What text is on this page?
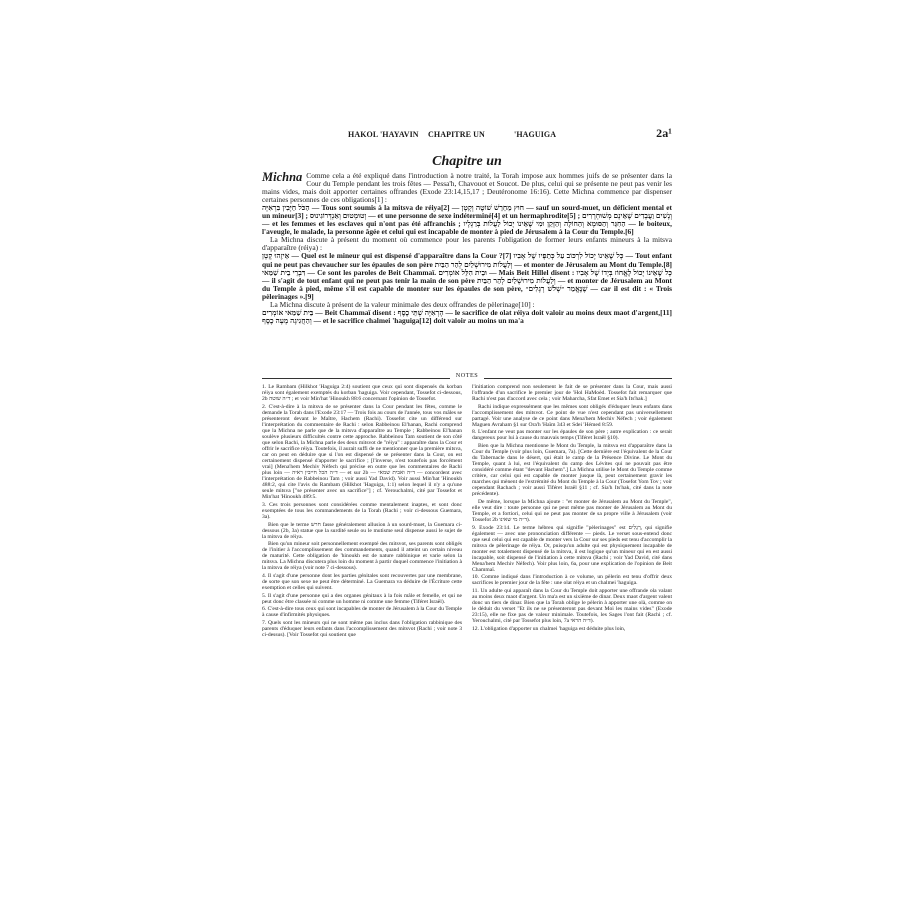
HAKOL 'HAYAVIN CHAPITRE UN	'HAGUIGA	2a¹
Chapitre un
Michna Comme cela a été expliqué dans l'introduction à notre traité, la Torah impose aux hommes juifs de se présenter dans la Cour du Temple pendant les trois fêtes — Pessa'h, Chavouot et Soucot. De plus, celui qui se présente ne peut pas venir les mains vides, mais doit apporter certaines offrandes (Exode 23:14,15,17 ; Deutéronome 16:16). Cette Michna commence par dispenser certaines personnes de ces obligations[1] :

הַכֹּל חַיָּבִין בִּרְאִיָּה — Tous sont soumis à la mitsva de réiya[2] — חוּץ מֵחֵרֵשׁ שׁוֹטֶה וְקָטָן — sauf un sourd-muet, un déficient mental et un mineur[3] ; וְטוּמְטוּם וְאַנְדְּרוֹגִינוּס — et une personne de sexe indéterminé[4] et un hermaphrodite[5] ; וְנָשִׁים וַעֲבָדִים שֶׁאֵינָם מְשׁוּחְרָרִים — et les femmes et les esclaves qui n'ont pas été affranchis ; הַחִגֵּר וְהַסּוּמָא וְהַחוֹלֶה וְהַזָּקֵן וּמִי שֶׁאֵינוֹ יָכוֹל לַעֲלוֹת בְּרַגְלָיו — le boiteux, l'aveugle, le malade, la personne âgée et celui qui est incapable de monter à pied de Jérusalem à la Cour du Temple.[6]

La Michna discute à présent du moment où commence pour les parents l'obligation de former leurs enfants mineurs à la mitsva d'apparaître (réiya) :

אֵיזֶהוּ קָטָן — Quel est le mineur qui est dispensé d'apparaître dans la Cour ?[7] כָּל שֶׁאֵינוֹ יָכוֹל לִרְכּוֹב עַל כְּתֵפָיו שֶׁל אָבִיו — Tout enfant qui ne peut pas chevaucher sur les épaules de son père וְלַעֲלוֹת מִירוּשָׁלַיִם לְהַר הַבַּיִת — et monter de Jérusalem au Mont du Temple.[8] דִּבְרֵי בֵית שַׁמַּאי — Ce sont les paroles de Beit Chammaï. וּבֵית הִלֵּל אוֹמְרִים — Mais Beit Hillel disent : כָּל שֶׁאֵינוֹ יָכוֹל לֶאֱחוֹז בְּיָדוֹ שֶׁל אָבִיו — il s'agit de tout enfant qui ne peut pas tenir la main de son père וְלַעֲלוֹת מִירוּשָׁלַיִם לְהַר הַבַּיִת — et monter de Jérusalem au Mont du Temple à pied, même s'il est capable de monter sur les épaules de son père, שֶׁנֶּאֱמַר ״שָׁלֹשׁ רְגָלִים״ — car il est dit : « Trois pèlerinages ».[9]

La Michna discute à présent de la valeur minimale des deux offrandes de pèlerinage[10] :

בֵּית שַׁמַּאי אוֹמְרִים — Beit Chammaï disent : הָרְאִיָּה שְׁתֵּי כֶסֶף — le sacrifice de olat réiya doit valoir au moins deux maot d'argent,[11] וְהַחֲגִיגָה מָעָה כֶסֶף — et le sacrifice chalmei 'haguiga[12] doit valoir au moins un ma'a

NOTES

1. Le Rambam (Hilkhot 'Haguiga 2:4) soutient que ceux qui sont dispensés du korban réiya sont également exemptés du korban 'haguiga. Voir cependant, Tossefot ci-dessous, 2b ד״ה שוטה ; et voir Min'hat 'Hinoukh 88:6 concernant l'opinion de Tossefot.

2. C'est-à-dire à la mitsva de se présenter dans la Cour pendant les fêtes, comme le demande la Torah dans l'Exode 23:17 — Trois fois au cours de l'année, tous vos mâles se présenteront devant le Maître, Hachem (Rachi). Tossefot cite un différend sur l'interprétation du commentaire de Rachi : selon Rabbeinou El'hanan, Rachi comprend que la Michna ne parle que de la mitsva d'apparaître au Temple ; Rabbeinou El'hanan soulève plusieurs difficultés contre cette approche. Rabbeinou Tam soutient de son côté que selon Rachi, la Michna parle des deux mitsvot de "réiya" : apparaître dans la Cour et offrir le sacrifice réiya. Toutefois, il aurait suffi de ne mentionner que la première mitsva, car on peut en déduire que si l'on est dispensé de se présenter dans la Cour, on est certainement dispensé d'apporter le sacrifice ; [l'inverse, n'est toutefois pas forcément vrai] (Mena'hem Mechiv Néfech qui précise en outre que les commentaires de Rachi plus loin — ד״ה הכל חייבין ראיה — et sur 2b — ד״ה ואבית שמאי — concordent avec l'interprétation de Rabbeinou Tam ; voir aussi Yad David). Voir aussi Min'hat 'Hinoukh 488:2, qui cite l'avis du Rambam (Hilkhot 'Haguiga, 1:1) selon lequel il n'y a qu'une seule mitsva ["se présenter avec un sacrifice"] ; cf. Yerouchalmi, cité par Tossefot et Min'hat 'Hinoukh 489:5.

3. Ces trois personnes sont considérées comme mentalement inaptes, et sont donc exemptées de tous les commandements de la Torah (Rachi ; voir ci-dessous Guemara, 3a).

Bien que le terme חרש fasse généralement allusion à un sourd-muet, la Guemara ci-dessous (2b, 3a) statue que la surdité seule ou le mutisme seul dispense aussi le sujet de la mitsva de réiya.

Bien qu'un mineur soit personnellement exempté des mitsvot, ses parents sont obligés de l'initier à l'accomplissement des commandements, quand il atteint un certain niveau de maturité. Cette obligation de 'hinoukh est de nature rabbinique et varie selon la mitsva. La Michna discutera plus loin du moment à partir duquel commence l'initiation à la mitsva de réiya (voir note 7 ci-dessous).

4. Il s'agit d'une personne dont les parties génitales sont recouvertes par une membrane, de sorte que son sexe ne peut être déterminé. La Guemara va déduire de l'Écriture cette exemption et celles qui suivent.

5. Il s'agit d'une personne qui a des organes génitaux à la fois mâle et femelle, et qui ne peut donc être classée ni comme un homme ni comme une femme (Tiféret Israël).

6. C'est-à-dire tous ceux qui sont incapables de monter de Jérusalem à la Cour du Temple à cause d'infirmités physiques.

7. Quels sont les mineurs qui ne sont même pas inclus dans l'obligation rabbinique des parents d'éduquer leurs enfants dans l'accomplissement des mitsvot (Rachi ; voir note 3 ci-dessus). [Voir Tossefot qui soutient que

l'initiation comprend non seulement le fait de se présenter dans la Cour, mais aussi l'offrande d'un sacrifice le premier jour de 'Hol HaMoèd. Tossefot fait remarquer que Rachi n'est pas d'accord avec cela ; voir Maharcha, Sfat Emet et Sia'h Its'hak.]

Rachi indique expressément que les mêmes sont obligés d'éduquer leurs enfants dans l'accomplissement des mitsvot. Ce point de vue n'est cependant pas universellement partagé. Voir une analyse de ce point dans Mena'hem Mechiv Néfech ; voir également Maguen Avraham §1 sur Ora'h 'Haïm 343 et Sdei 'Hémed 8:59.

8. L'enfant ne veut pas monter sur les épaules de son père ; autre explication : ce serait dangereux pour lui à cause du mauvais temps (Tiféret Israël §10).

Bien que la Michna mentionne le Mont du Temple, la mitsva est d'apparaître dans la Cour du Temple (voir plus loin, Guemara, 7a). [Cette dernière est l'équivalent de la Cour du Tabernacle dans le désert, qui était le camp de la Présence Divine. Le Mont du Temple, quant à lui, est l'équivalent du camp des Lévites qui ne pouvait pas être considéré comme étant "devant Hachem".] La Michna utilise le Mont du Temple comme critère, car celui qui est capable de monter jusque là, peut certainement gravir les marches qui mènent de l'extrémité du Mont du Temple à la Cour (Tosefot Yom Tov ; voir cependant Rachach ; voir aussi Tiféret Israël §11 ; cf. Sia'h Its'hak, cité dans la note précédente).

De même, lorsque la Michna ajoute : "et monter de Jérusalem au Mont du Temple", elle veut dire : toute personne qui ne peut même pas monter de Jérusalem au Mont du Temple, et a fortiori, celui qui ne peut pas monter de sa propre ville à Jérusalem (voir Tossefot 2b ד״ה מי שאינו).

9. Exode 23:14. Le terme hébreu qui signifie "pèlerinages" est רְגָלִים, qui signifie également — avec une prononciation différente — pieds. Le verset sous-entend donc que seul celui qui est capable de monter vers la Cour sur ses pieds est tenu d'accomplir la mitsva de pèlerinage de réiya. Or, puisqu'un adulte qui est physiquement incapable de monter est totalement dispensé de la mitsva, il est logique qu'un mineur qui en est aussi incapable, soit dispensé de l'initiation à cette mitsva (Rachi ; voir Yad David, cité dans Mena'hem Mechiv Néfech). Voir plus loin, 6a, pour une explication de l'opinion de Beit Chammaï.

10. Comme indiqué dans l'introduction à ce volume, un pèlerin est tenu d'offrir deux sacrifices le premier jour de la fête : une olat réiya et un chalmei 'haguiga.

11. Un adulte qui apparaît dans la Cour du Temple doit apporter une offrande ola valant au moins deux maot d'argent. Un ma'a est un sixième de dinar. Deux maot d'argent valent donc un tiers de dinar. Bien que la Torah oblige le pèlerin à apporter une olà, comme on le déduit du verset "Et ils ne se présenteront pas devant Moi les mains vides" (Exode 23:15), elle ne fixe pas de valeur minimale. Toutefois, les Sages l'ont fait (Rachi ; cf. Yerouchalmi, cité par Tossefot plus loin, 7a ד״ה הראי).

12. L'obligation d'apporter un chalmei 'haguiga est déduite plus loin,
